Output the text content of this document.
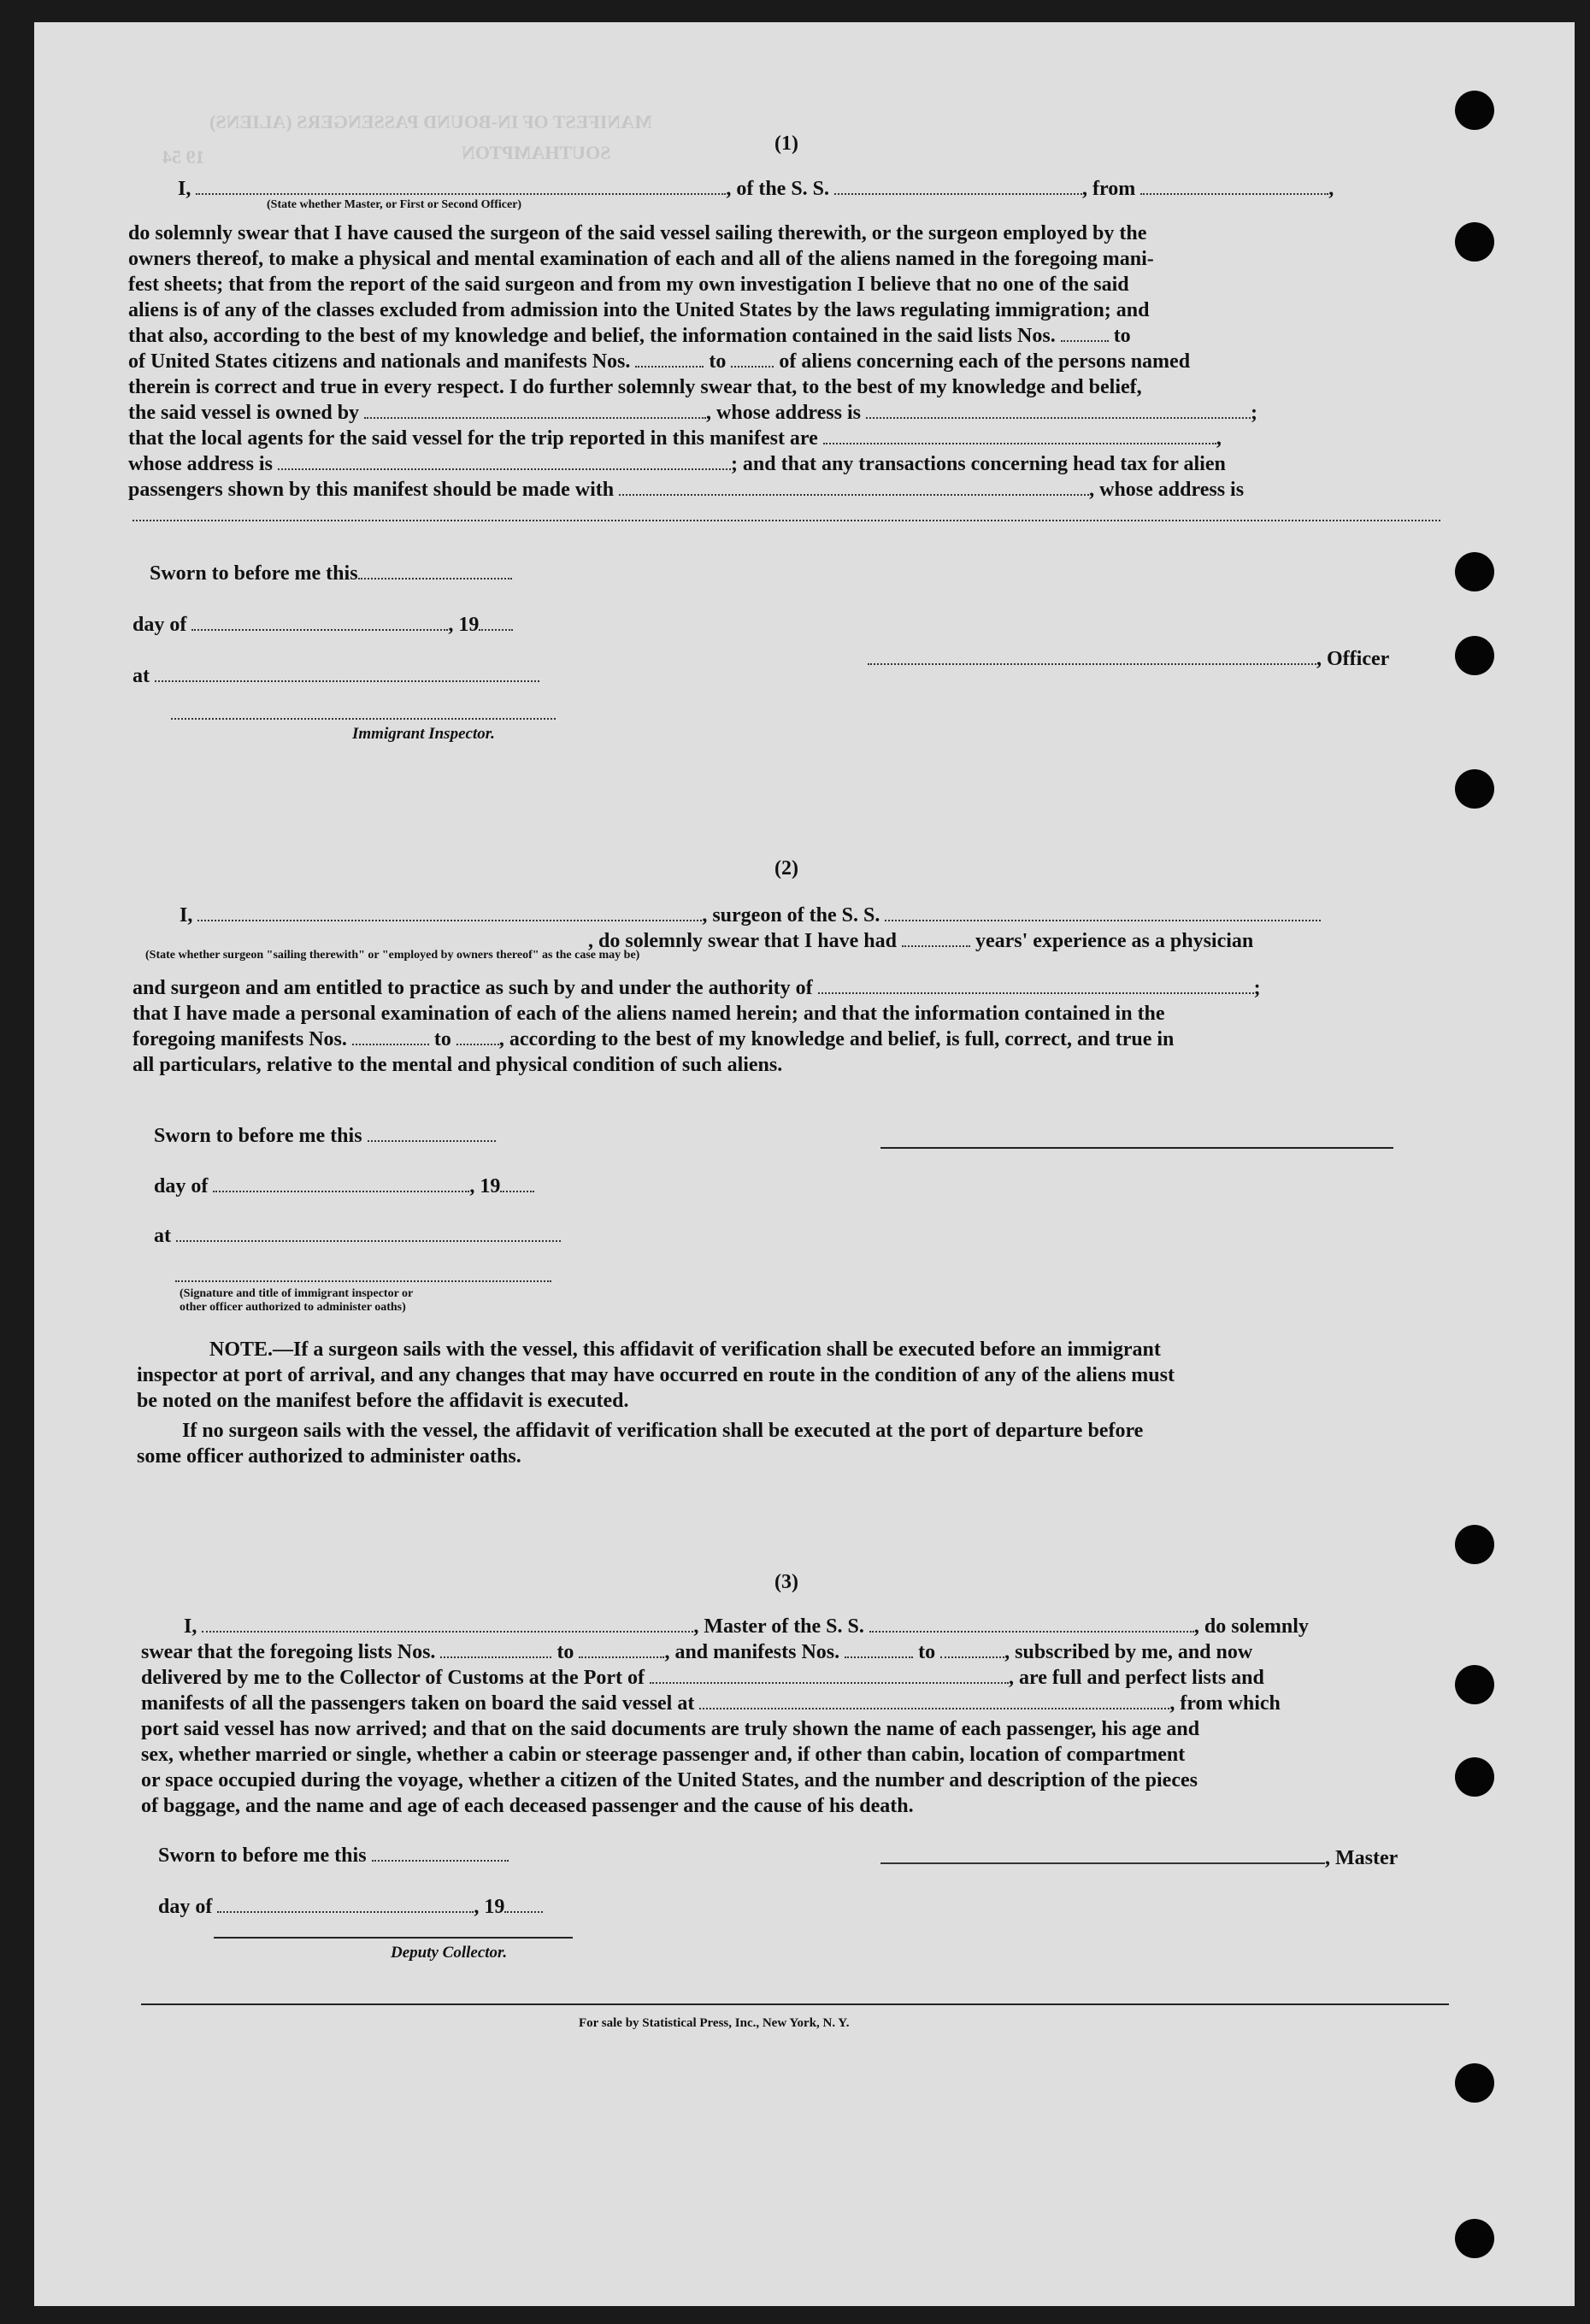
MANIFEST OF IN-BOUND PASSENGERS (ALIENS)
SOUTHAMPTON
19 54
(1)
I,	, of the S. S.	, from	,
(State whether Master, or First or Second Officer)
do solemnly swear that I have caused the surgeon of the said vessel sailing therewith, or the surgeon employed by the
owners thereof, to make a physical and mental examination of each and all of the aliens named in the foregoing mani-
fest sheets; that from the report of the said surgeon and from my own investigation I believe that no one of the said
aliens is of any of the classes excluded from admission into the United States by the laws regulating immigration; and
that also, according to the best of my knowledge and belief, the information contained in the said lists Nos.	to
of United States citizens and nationals and manifests Nos.	to	of aliens concerning each of the persons named
therein is correct and true in every respect. I do further solemnly swear that, to the best of my knowledge and belief,
the said vessel is owned by	, whose address is	;
that the local agents for the said vessel for the trip reported in this manifest are	,
whose address is	; and that any transactions concerning head tax for alien
passengers shown by this manifest should be made with	, whose address is
Sworn to before me this
day of	, 19
at
, Officer
Immigrant Inspector.
(2)
I,	, surgeon of the S. S.
, do solemnly swear that I have had	years' experience as a physician
(State whether surgeon "sailing therewith" or "employed by owners thereof" as the case may be)
and surgeon and am entitled to practice as such by and under the authority of	;
that I have made a personal examination of each of the aliens named herein; and that the information contained in the
foregoing manifests Nos.	to , according to the best of my knowledge and belief, is full, correct, and true in
all particulars, relative to the mental and physical condition of such aliens.
Sworn to before me this
day of	, 19
at
(Signature and title of immigrant inspector or
other officer authorized to administer oaths)
NOTE.—If a surgeon sails with the vessel, this affidavit of verification shall be executed before an immigrant
inspector at port of arrival, and any changes that may have occurred en route in the condition of any of the aliens must
be noted on the manifest before the affidavit is executed.
If no surgeon sails with the vessel, the affidavit of verification shall be executed at the port of departure before
some officer authorized to administer oaths.
(3)
I,	, Master of the S. S.	, do solemnly
swear that the foregoing lists Nos.	to	, and manifests Nos.	to	, subscribed by me, and now
delivered by me to the Collector of Customs at the Port of	, are full and perfect lists and
manifests of all the passengers taken on board the said vessel at	, from which
port said vessel has now arrived; and that on the said documents are truly shown the name of each passenger, his age and
sex, whether married or single, whether a cabin or steerage passenger and, if other than cabin, location of compartment
or space occupied during the voyage, whether a citizen of the United States, and the number and description of the pieces
of baggage, and the name and age of each deceased passenger and the cause of his death.
Sworn to before me this	, Master
day of	, 19
Deputy Collector.
For sale by Statistical Press, Inc., New York, N. Y.
